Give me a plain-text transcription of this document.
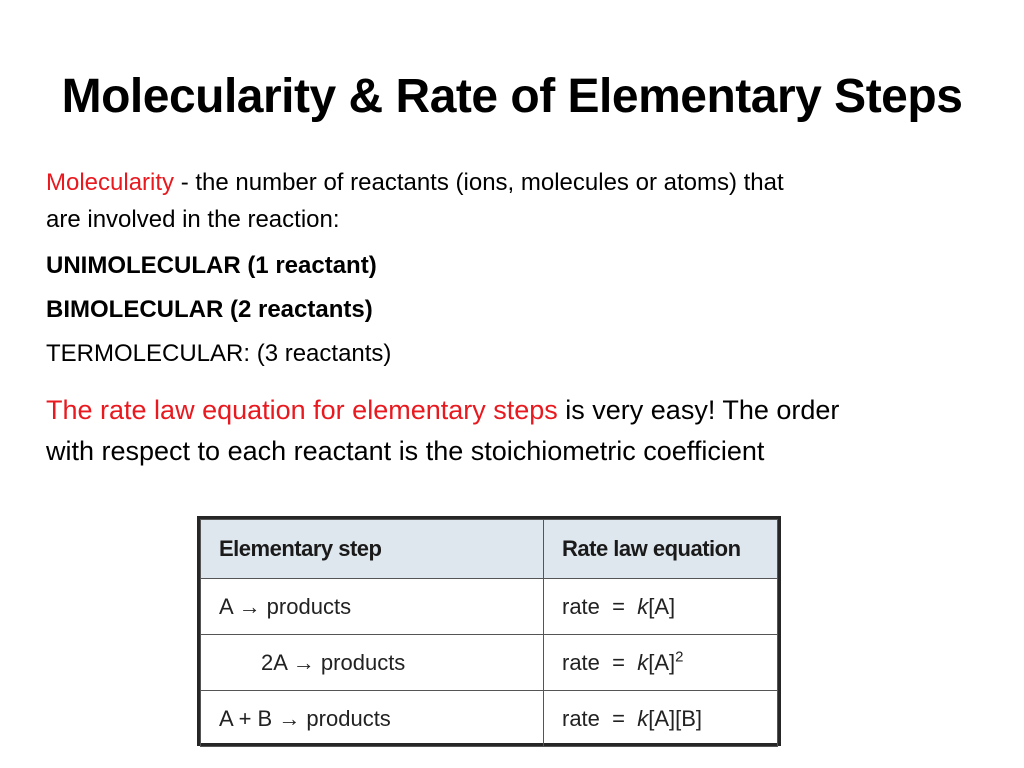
Molecularity & Rate of Elementary Steps

Molecularity - the number of reactants (ions, molecules or atoms) that
are involved in the reaction:

UNIMOLECULAR (1 reactant)

BIMOLECULAR (2 reactants)

TERMOLECULAR: (3 reactants)

The rate law equation for elementary steps is very easy! The order
with respect to each reactant is the stoichiometric coefficient

Elementary step	Rate law equation
A → products	rate  =  k[A]
2A → products	rate  =  $k[A]^2$
A + B → products	rate  =  k[A][B]
